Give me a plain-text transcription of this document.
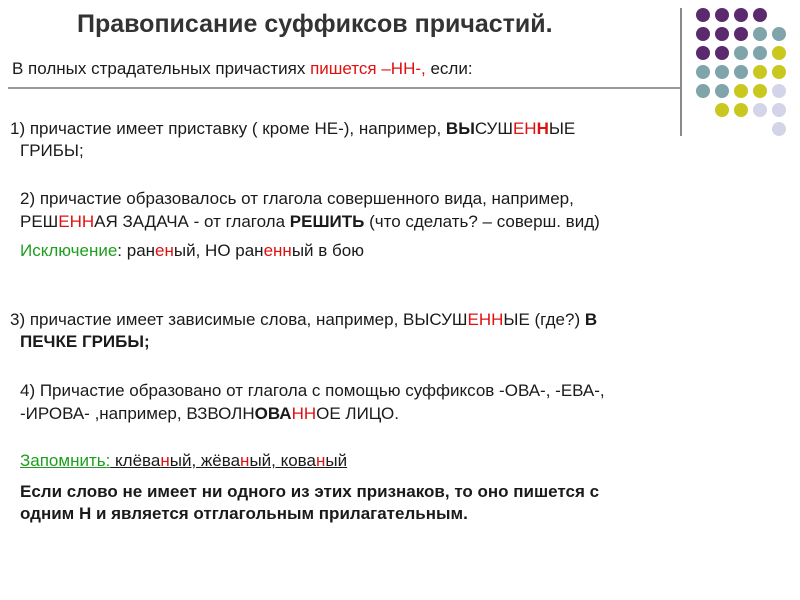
Правописание суффиксов причастий.

В полных страдательных причастиях пишется –НН-, если:

1) причастие имеет приставку ( кроме НЕ-), например, ВЫСУШЕННЫЕ

ГРИБЫ;

2) причастие образовалось от глагола совершенного вида, например,

РЕШЕННАЯ ЗАДАЧА - от глагола РЕШИТЬ (что сделать? – соверш. вид)

Исключение: раненый, НО раненный в бою

3) причастие имеет зависимые слова, например, ВЫСУШЕННЫЕ (где?) В

ПЕЧКЕ ГРИБЫ;

4) Причастие образовано от глагола с помощью суффиксов -ОВА-, -ЕВА-,

-ИРОВА- ,например, ВЗВОЛНОВАННОЕ ЛИЦО.

Запомнить: клёваный, жёваный, кованый

Если слово не имеет ни одного из этих признаков, то оно пишется с

одним Н и является отглагольным прилагательным.
